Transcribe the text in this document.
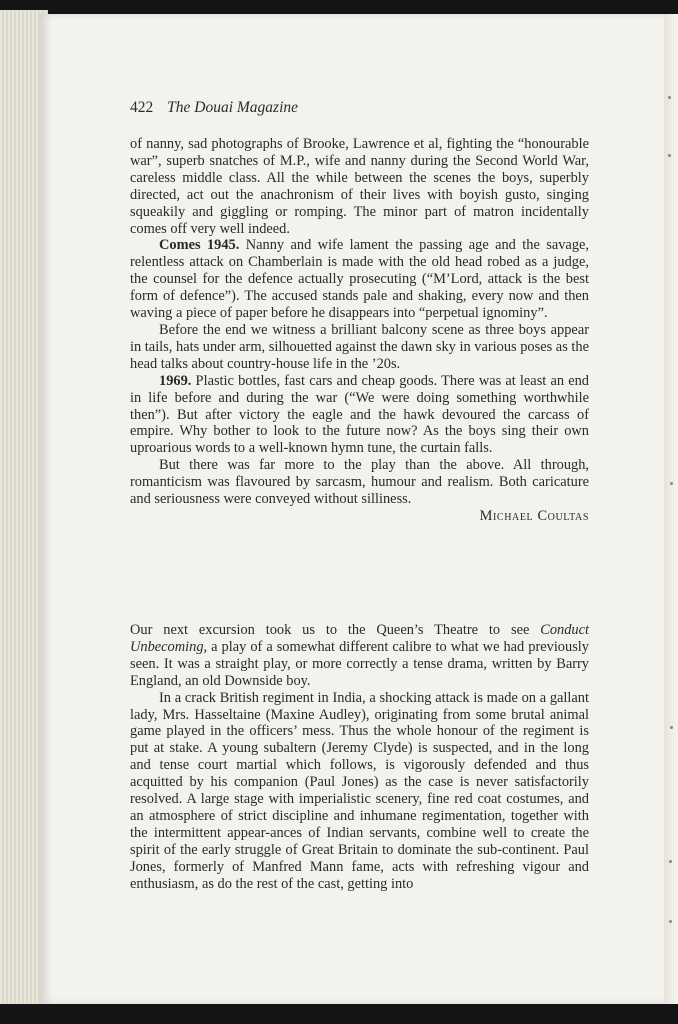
422 The Douai Magazine

of nanny, sad photographs of Brooke, Lawrence et al, fighting the “honourable war”, superb snatches of M.P., wife and nanny during the Second World War, careless middle class. All the while between the scenes the boys, superbly directed, act out the anachronism of their lives with boyish gusto, singing squeakily and giggling or romping. The minor part of matron incidentally comes off very well indeed.

Comes 1945. Nanny and wife lament the passing age and the savage, relentless attack on Chamberlain is made with the old head robed as a judge, the counsel for the defence actually prosecuting (“M’Lord, attack is the best form of defence”). The accused stands pale and shaking, every now and then waving a piece of paper before he disappears into “perpetual ignominy”.

Before the end we witness a brilliant balcony scene as three boys appear in tails, hats under arm, silhouetted against the dawn sky in various poses as the head talks about country-house life in the ’20s.

1969. Plastic bottles, fast cars and cheap goods. There was at least an end in life before and during the war (“We were doing something worthwhile then”). But after victory the eagle and the hawk devoured the carcass of empire. Why bother to look to the future now? As the boys sing their own uproarious words to a well-known hymn tune, the curtain falls.

But there was far more to the play than the above. All through, romanticism was flavoured by sarcasm, humour and realism. Both caricature and seriousness were conveyed without silliness.

Michael Coultas

Our next excursion took us to the Queen’s Theatre to see Conduct Unbecoming, a play of a somewhat different calibre to what we had previously seen. It was a straight play, or more correctly a tense drama, written by Barry England, an old Downside boy.

In a crack British regiment in India, a shocking attack is made on a gallant lady, Mrs. Hasseltaine (Maxine Audley), originating from some brutal animal game played in the officers’ mess. Thus the whole honour of the regiment is put at stake. A young subaltern (Jeremy Clyde) is suspected, and in the long and tense court martial which follows, is vigorously defended and thus acquitted by his companion (Paul Jones) as the case is never satisfactorily resolved. A large stage with imperialistic scenery, fine red coat costumes, and an atmosphere of strict discipline and inhumane regimentation, together with the intermittent appear-ances of Indian servants, combine well to create the spirit of the early struggle of Great Britain to dominate the sub-continent. Paul Jones, formerly of Manfred Mann fame, acts with refreshing vigour and enthusiasm, as do the rest of the cast, getting into
